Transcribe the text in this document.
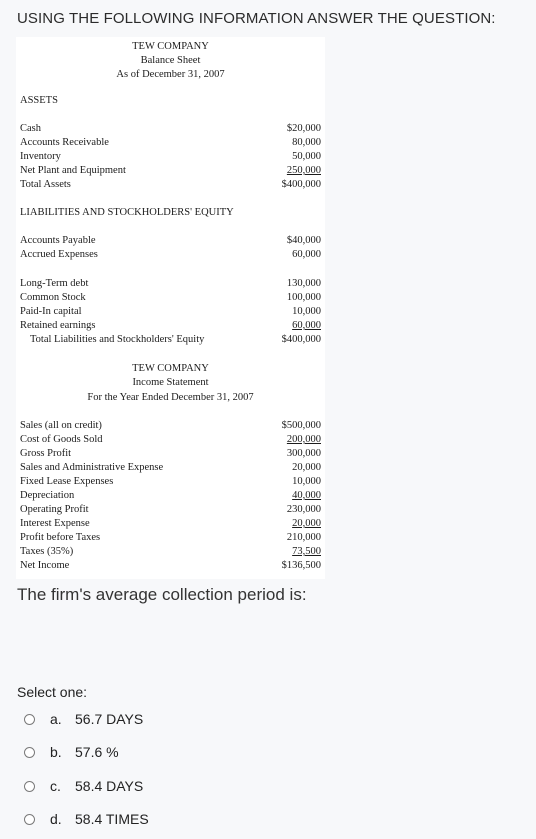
USING THE FOLLOWING INFORMATION ANSWER THE QUESTION:
TEW COMPANY
Balance Sheet
As of December 31, 2007
ASSETS
Cash	$20,000
Accounts Receivable	80,000
Inventory	50,000
Net Plant and Equipment	250,000
Total Assets	$400,000
LIABILITIES AND STOCKHOLDERS' EQUITY
Accounts Payable	$40,000
Accrued Expenses	60,000
Long-Term debt	130,000
Common Stock	100,000
Paid-In capital	10,000
Retained earnings	60,000
Total Liabilities and Stockholders' Equity	$400,000
TEW COMPANY
Income Statement
For the Year Ended December 31, 2007
Sales (all on credit)	$500,000
Cost of Goods Sold	200,000
Gross Profit	300,000
Sales and Administrative Expense	20,000
Fixed Lease Expenses	10,000
Depreciation	40,000
Operating Profit	230,000
Interest Expense	20,000
Profit before Taxes	210,000
Taxes (35%)	73,500
Net Income	$136,500
The firm's average collection period is:
Select one:
a. 56.7 DAYS
b. 57.6 %
c.	58.4 DAYS
d. 58.4 TIMES
